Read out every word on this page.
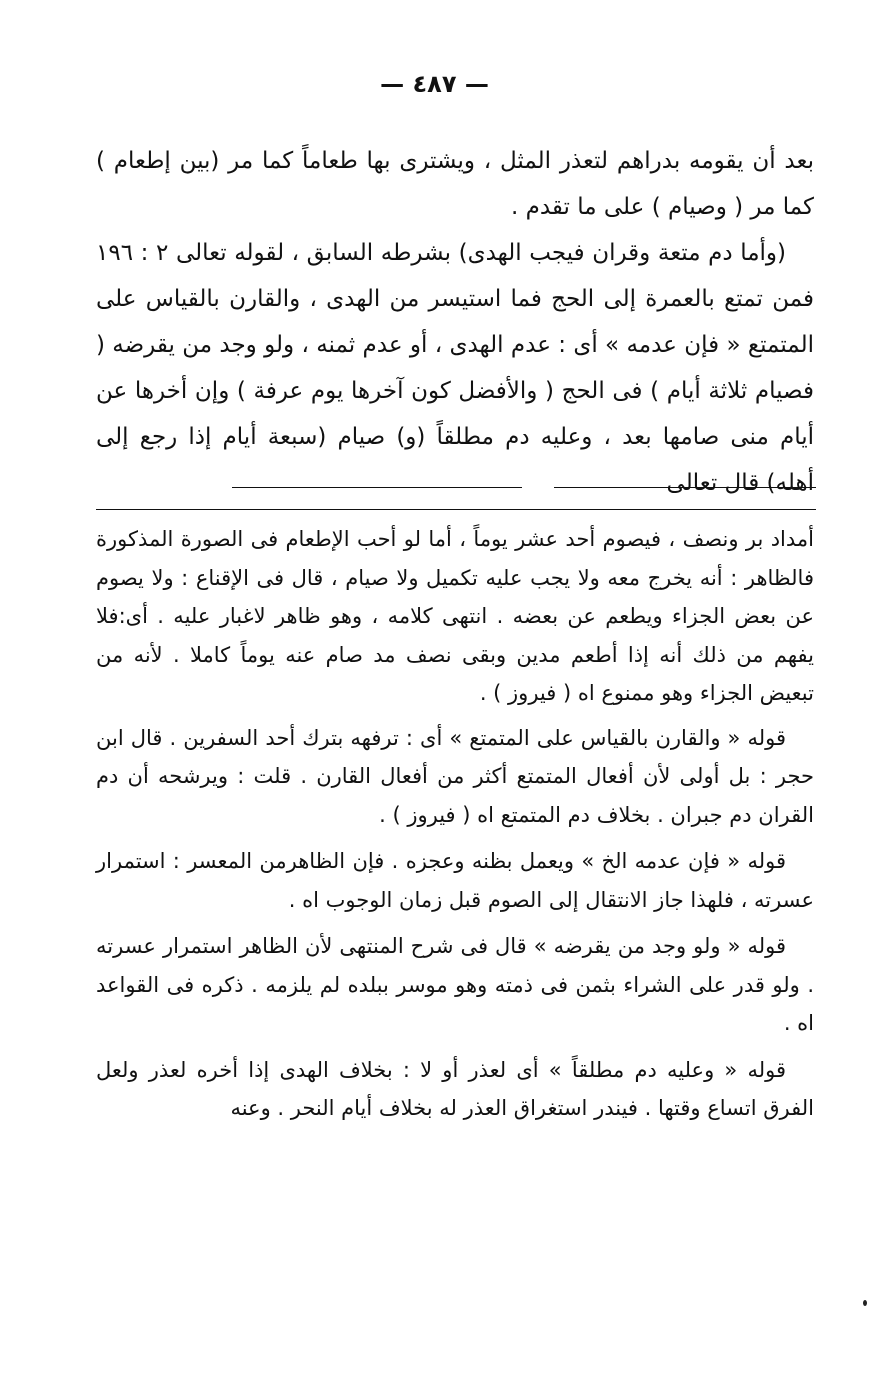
— ٤٨٧ —

بعد أن يقومه بدراهم لتعذر المثل ، ويشترى بها طعاماً كما مر (بين إطعام ) كما مر ( وصيام ) على ما تقدم .

(وأما دم متعة وقران فيجب الهدى) بشرطه السابق ، لقوله تعالى ٢ : ١٩٦ فمن تمتع بالعمرة إلى الحج فما استيسر من الهدى ، والقارن بالقياس على المتمتع « فإن عدمه » أى : عدم الهدى ، أو عدم ثمنه ، ولو وجد من يقرضه ( فصيام ثلاثة أيام ) فى الحج ( والأفضل كون آخرها يوم عرفة ) وإن أخرها عن أيام منى صامها بعد ، وعليه دم مطلقاً (و) صيام (سبعة أيام إذا رجع إلى أهله) قال تعالى

أمداد بر ونصف ، فيصوم أحد عشر يوماً ، أما لو أحب الإطعام فى الصورة المذكورة فالظاهر : أنه يخرج معه ولا يجب عليه تكميل ولا صيام ، قال فى الإقناع : ولا يصوم عن بعض الجزاء ويطعم عن بعضه . انتهى كلامه ، وهو ظاهر لاغبار عليه . أى:فلا يفهم من ذلك أنه إذا أطعم مدين وبقى نصف مد صام عنه يوماً كاملا . لأنه من تبعيض الجزاء وهو ممنوع اه ( فيروز ) .

قوله « والقارن بالقياس على المتمتع » أى : ترفهه بترك أحد السفرين . قال ابن حجر : بل أولى لأن أفعال المتمتع أكثر من أفعال القارن . قلت : ويرشحه أن دم القران دم جبران . بخلاف دم المتمتع اه ( فيروز ) .

قوله « فإن عدمه الخ » ويعمل بظنه وعجزه . فإن الظاهرمن المعسر : استمرار عسرته ، فلهذا جاز الانتقال إلى الصوم قبل زمان الوجوب اه .

قوله « ولو وجد من يقرضه » قال فى شرح المنتهى لأن الظاهر استمرار عسرته . ولو قدر على الشراء بثمن فى ذمته وهو موسر ببلده لم يلزمه . ذكره فى القواعد اه .

قوله « وعليه دم مطلقاً » أى لعذر أو لا : بخلاف الهدى إذا أخره لعذر ولعل الفرق اتساع وقتها . فيندر استغراق العذر له بخلاف أيام النحر . وعنه
